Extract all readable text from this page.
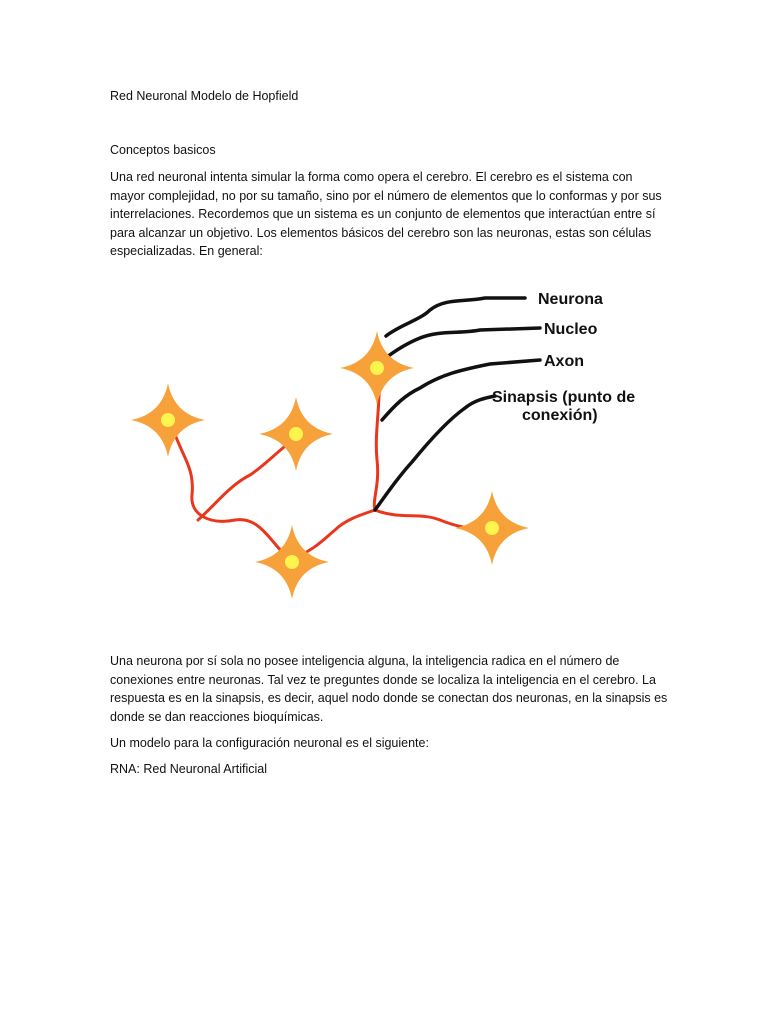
Red Neuronal Modelo de Hopfield

Conceptos basicos

Una red neuronal intenta simular la forma como opera el cerebro. El cerebro es el sistema con mayor complejidad, no por su tamaño, sino por el número de elementos que lo conformas y por sus interrelaciones. Recordemos que un sistema es un conjunto de elementos que interactúan entre sí para alcanzar un objetivo. Los elementos básicos del cerebro son las neuronas, estas son células especializadas. En general:

Neurona
Nucleo
Axon
Sinapsis (punto de
conexión)

Una neurona por sí sola no posee inteligencia alguna, la inteligencia radica en el número de conexiones entre neuronas. Tal vez te preguntes donde se localiza la inteligencia en el cerebro. La respuesta es en la sinapsis, es decir, aquel nodo donde se conectan dos neuronas, en la sinapsis es donde se dan reacciones bioquímicas.

Un modelo para la configuración neuronal es el siguiente:

RNA: Red Neuronal Artificial
